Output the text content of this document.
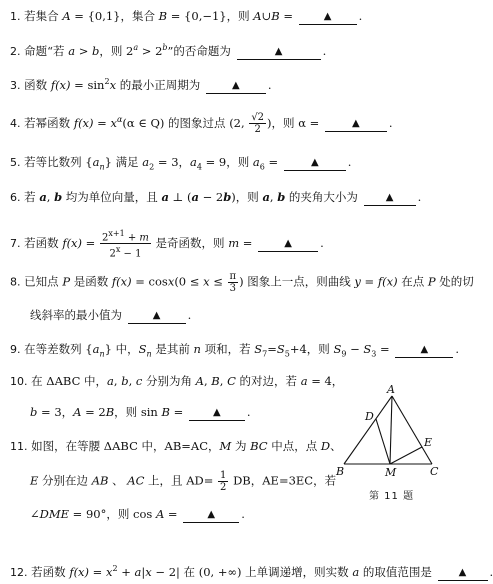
1. 若集合 A = {0,1}，集合 B = {0,−1}，则 A∪B =	▲ .
2. 命题“若 a > b，则 $2^a > 2^b$”的否命题为	▲	.
3. 函数 $f(x) = \sin^2x$ 的最小正周期为	▲ .
4. 若幂函数 $f(x) = x^\alpha(\alpha$ ∈ Q) 的图象过点 (2, $\frac{√2}{2}$ )，则 α =	▲	.
5. 若等比数列 $\{a_n\}$ 满足 $a_2 = 3$，$a_4 = 9$，则 $a_6$ =	▲	.
6. 若 a, b 均为单位向量，且 a ⊥ (a − 2b)，则 a, b 的夹角大小为	▲ .
7. 若函数 $f(x) = \frac{2^{x+1} + m}{2^x - 1}$ 是奇函数，则 m =	▲ .
8. 已知点 P 是函数 $f(x) = \cos x(0 \le x \le \frac{\pi}{3}$ ) 图象上一点，则曲线 y = f(x) 在点 P 处的切
线斜率的最小值为	▲ .
9. 在等差数列 $\{a_n\}$ 中，$S_n$ 是其前 n 项和，若 $S_7=S_5+4$，则 $S_9 - S_3$ =	▲ .
10. 在 ΔABC 中，a, b, c 分别为角 A, B, C 的对边，若 a = 4，
b = 3，A = 2B，则 sin B =	▲ .
11. 如图，在等腰 ΔABC 中，AB=AC，M 为 BC 中点，点 D、
E 分别在边 AB 、 AC 上，且 $AD= \frac{1}{2}$ DB，AE=3EC，若
∠DME = 90°，则 cos A =	▲ .
12. 若函数 $f(x) = x^2 + a|x - 2|$ 在 (0, +∞) 上单调递增，则实数 a 的取值范围是	▲ .
A
B	C
D
E
M
第 11 题
